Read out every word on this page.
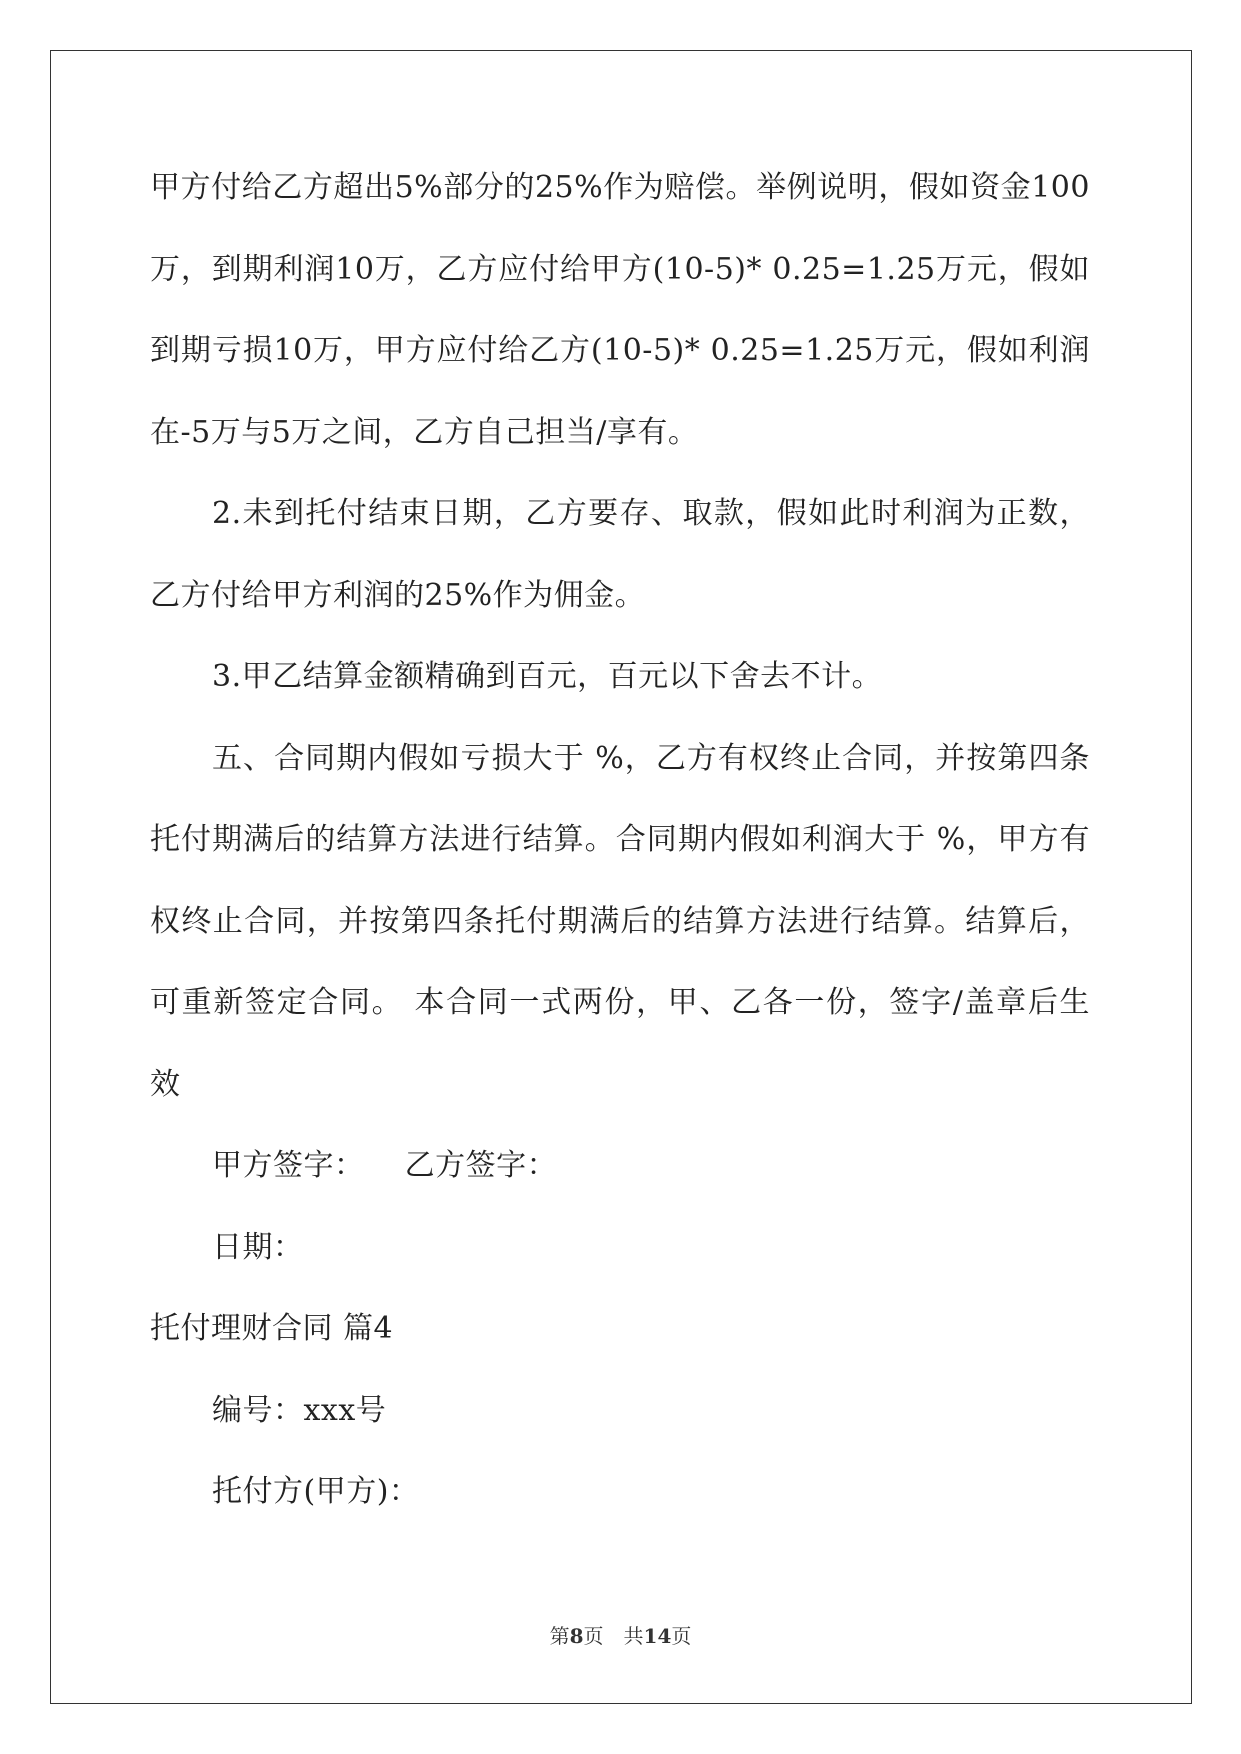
甲方付给乙方超出5%部分的25%作为赔偿。举例说明，假如资金100
万，到期利润10万，乙方应付给甲方(10-5)* 0.25=1.25万元，假如
到期亏损10万，甲方应付给乙方(10-5)* 0.25=1.25万元，假如利润
在-5万与5万之间，乙方自己担当/享有。
2.未到托付结束日期，乙方要存、取款，假如此时利润为正数，
乙方付给甲方利润的25%作为佣金。
3.甲乙结算金额精确到百元，百元以下舍去不计。
五、合同期内假如亏损大于 %，乙方有权终止合同，并按第四条
托付期满后的结算方法进行结算。合同期内假如利润大于 %，甲方有
权终止合同，并按第四条托付期满后的结算方法进行结算。结算后，
可重新签定合同。 本合同一式两份，甲、乙各一份，签字/盖章后生
效
甲方签字：    乙方签字：
日期：
托付理财合同 篇4
编号：xxx号
托付方(甲方)：
第8页 共14页
